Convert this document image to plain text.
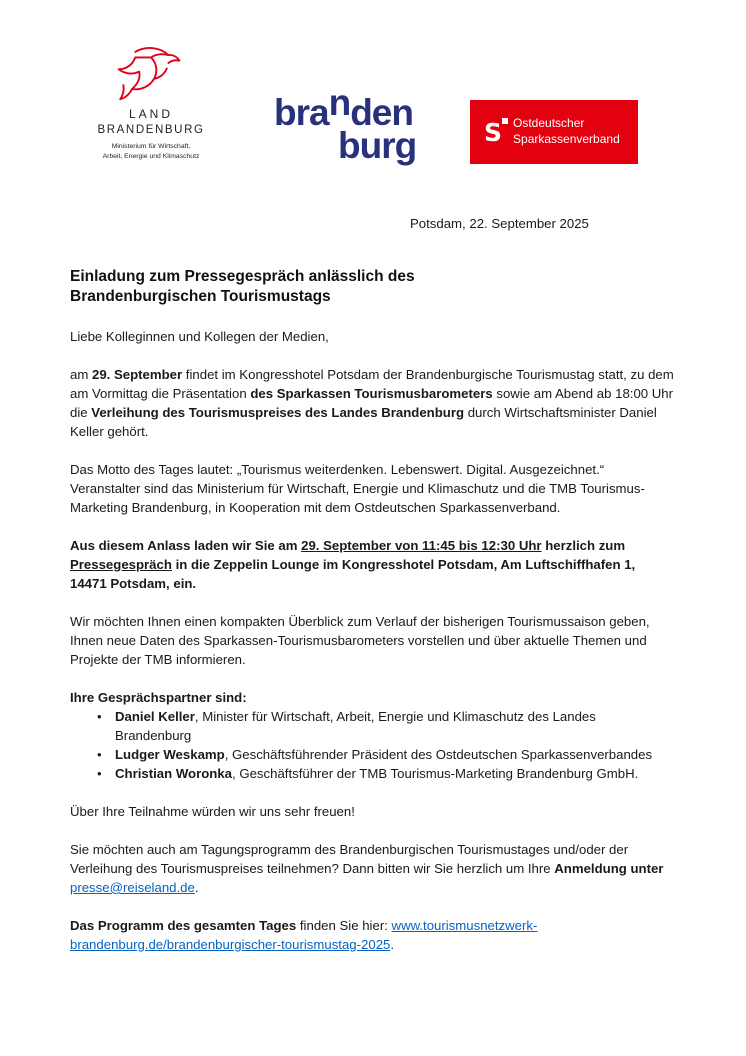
LAND
BRANDENBURG
Ministerium für Wirtschaft,
Arbeit, Energie und Klimaschutz
branden
burg	S Ostdeutscher
Sparkassenverband
Potsdam, 22. September 2025
Einladung zum Pressegespräch anlässlich des Brandenburgischen Tourismustags

Liebe Kolleginnen und Kollegen der Medien,

am 29. September findet im Kongresshotel Potsdam der Brandenburgische Tourismustag statt, zu dem am Vormittag die Präsentation des Sparkassen Tourismusbarometers sowie am Abend ab 18:00 Uhr die Verleihung des Tourismuspreises des Landes Brandenburg durch Wirtschaftsminister Daniel Keller gehört.

Das Motto des Tages lautet: „Tourismus weiterdenken. Lebenswert. Digital. Ausgezeichnet.“ Veranstalter sind das Ministerium für Wirtschaft, Energie und Klimaschutz und die TMB Tourismus-Marketing Brandenburg, in Kooperation mit dem Ostdeutschen Sparkassenverband.

Aus diesem Anlass laden wir Sie am 29. September von 11:45 bis 12:30 Uhr herzlich zum Pressegespräch in die Zeppelin Lounge im Kongresshotel Potsdam, Am Luftschiffhafen 1, 14471 Potsdam, ein.

Wir möchten Ihnen einen kompakten Überblick zum Verlauf der bisherigen Tourismussaison geben, Ihnen neue Daten des Sparkassen-Tourismusbarometers vorstellen und über aktuelle Themen und Projekte der TMB informieren.

Ihre Gesprächspartner sind:

• Daniel Keller, Minister für Wirtschaft, Arbeit, Energie und Klimaschutz des Landes Brandenburg
• Ludger Weskamp, Geschäftsführender Präsident des Ostdeutschen Sparkassenverbandes
• Christian Woronka, Geschäftsführer der TMB Tourismus-Marketing Brandenburg GmbH.

Über Ihre Teilnahme würden wir uns sehr freuen!

Sie möchten auch am Tagungsprogramm des Brandenburgischen Tourismustages und/oder der Verleihung des Tourismuspreises teilnehmen? Dann bitten wir Sie herzlich um Ihre Anmeldung unter presse@reiseland.de.

Das Programm des gesamten Tages finden Sie hier: www.tourismusnetzwerk-brandenburg.de/brandenburgischer-tourismustag-2025.
